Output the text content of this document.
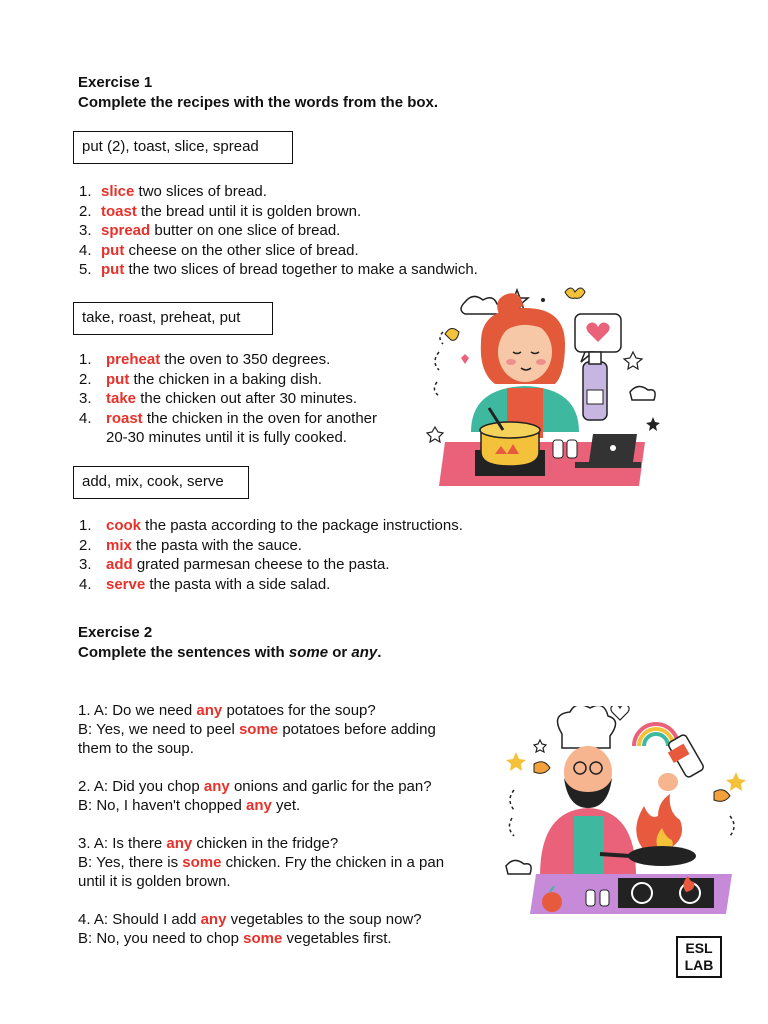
Exercise 1
Complete the recipes with the words from the box.
put (2), toast, slice, spread
1. slice two slices of bread.
2. toast the bread until it is golden brown.
3. spread butter on one slice of bread.
4. put cheese on the other slice of bread.
5. put the two slices of bread together to make a sandwich.
take, roast, preheat, put
1. preheat the oven to 350 degrees.
2. put the chicken in a baking dish.
3. take the chicken out after 30 minutes.
4. roast the chicken in the oven for another
20-30 minutes until it is fully cooked.
add, mix, cook, serve
1. cook the pasta according to the package instructions.
2. mix the pasta with the sauce.
3. add grated parmesan cheese to the pasta.
4. serve the pasta with a side salad.
Exercise 2
Complete the sentences with some or any.
1. A: Do we need any potatoes for the soup?
B: Yes, we need to peel some potatoes before adding
them to the soup.
2. A: Did you chop any onions and garlic for the pan?
B: No, I haven't chopped any yet.
3. A: Is there any chicken in the fridge?
B: Yes, there is some chicken. Fry the chicken in a pan
until it is golden brown.
4. A: Should I add any vegetables to the soup now?
B: No, you need to chop some vegetables first.
ESL
LAB
